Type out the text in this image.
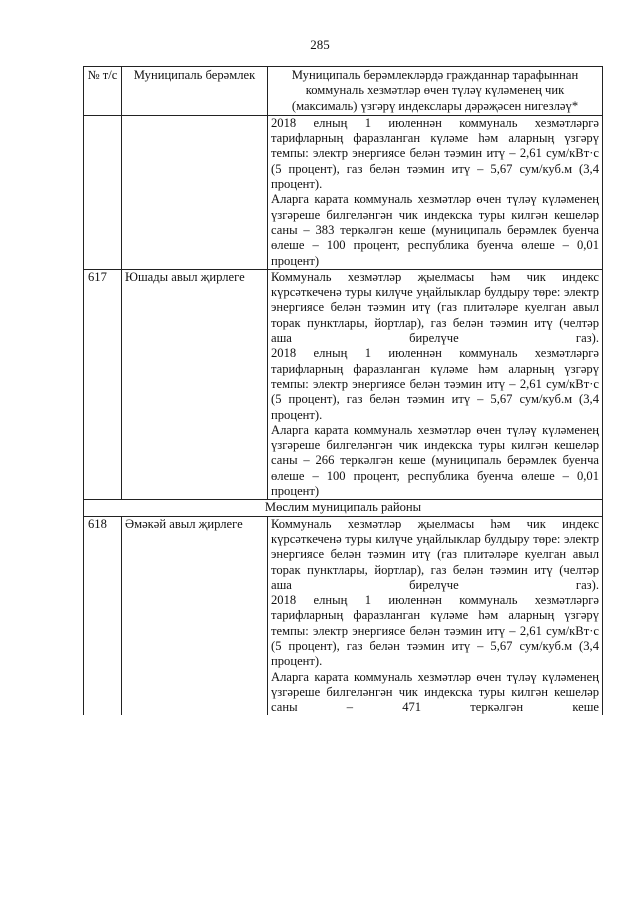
285
№ т/с	Муниципаль берәмлек	Муниципаль берәмлекләрдә гражданнар тарафыннан коммуналь хезмәтләр өчен түләү күләменең чик (максималь) үзгәрү индекслары дәрәҗәсен нигезләү*

		2018 елның 1 июленнән коммуналь хезмәтләргә тарифларның фаразланган күләме һәм аларның үзгәрү темпы: электр энергиясе белән тәэмин итү – 2,61 сум/кВт·с (5 процент), газ белән тәэмин итү – 5,67 сум/куб.м (3,4 процент).

Аларга карата коммуналь хезмәтләр өчен түләү күләменең үзгәреше билгеләнгән чик индекска туры килгән кешеләр саны – 383 теркәлгән кеше (муниципаль берәмлек буенча өлеше – 100 процент, республика буенча өлеше – 0,01 процент)

617	Юшады авыл җирлеге	Коммуналь хезмәтләр җыелмасы һәм чик индекс күрсәткеченә туры килүче уңайлыклар булдыру төре: электр энергиясе белән тәэмин итү (газ плитәләре куелган авыл торак пунктлары, йортлар), газ белән тәэмин итү (челтәр аша бирелүче газ).

2018 елның 1 июленнән коммуналь хезмәтләргә тарифларның фаразланган күләме һәм аларның үзгәрү темпы: электр энергиясе белән тәэмин итү – 2,61 сум/кВт·с (5 процент), газ белән тәэмин итү – 5,67 сум/куб.м (3,4 процент).

Аларга карата коммуналь хезмәтләр өчен түләү күләменең үзгәреше билгеләнгән чик индекска туры килгән кешеләр саны – 266 теркәлгән кеше (муниципаль берәмлек буенча өлеше – 100 процент, республика буенча өлеше – 0,01 процент)

Мөслим муниципаль районы		
618	Әмәкәй авыл җирлеге	Коммуналь хезмәтләр җыелмасы һәм чик индекс күрсәткеченә туры килүче уңайлыклар булдыру төре: электр энергиясе белән тәэмин итү (газ плитәләре куелган авыл торак пунктлары, йортлар), газ белән тәэмин итү (челтәр аша бирелүче газ).

2018 елның 1 июленнән коммуналь хезмәтләргә тарифларның фаразланган күләме һәм аларның үзгәрү темпы: электр энергиясе белән тәэмин итү – 2,61 сум/кВт·с (5 процент), газ белән тәэмин итү – 5,67 сум/куб.м (3,4 процент).

Аларга карата коммуналь хезмәтләр өчен түләү күләменең үзгәреше билгеләнгән чик индекска туры килгән кешеләр саны – 471 теркәлгән кеше
